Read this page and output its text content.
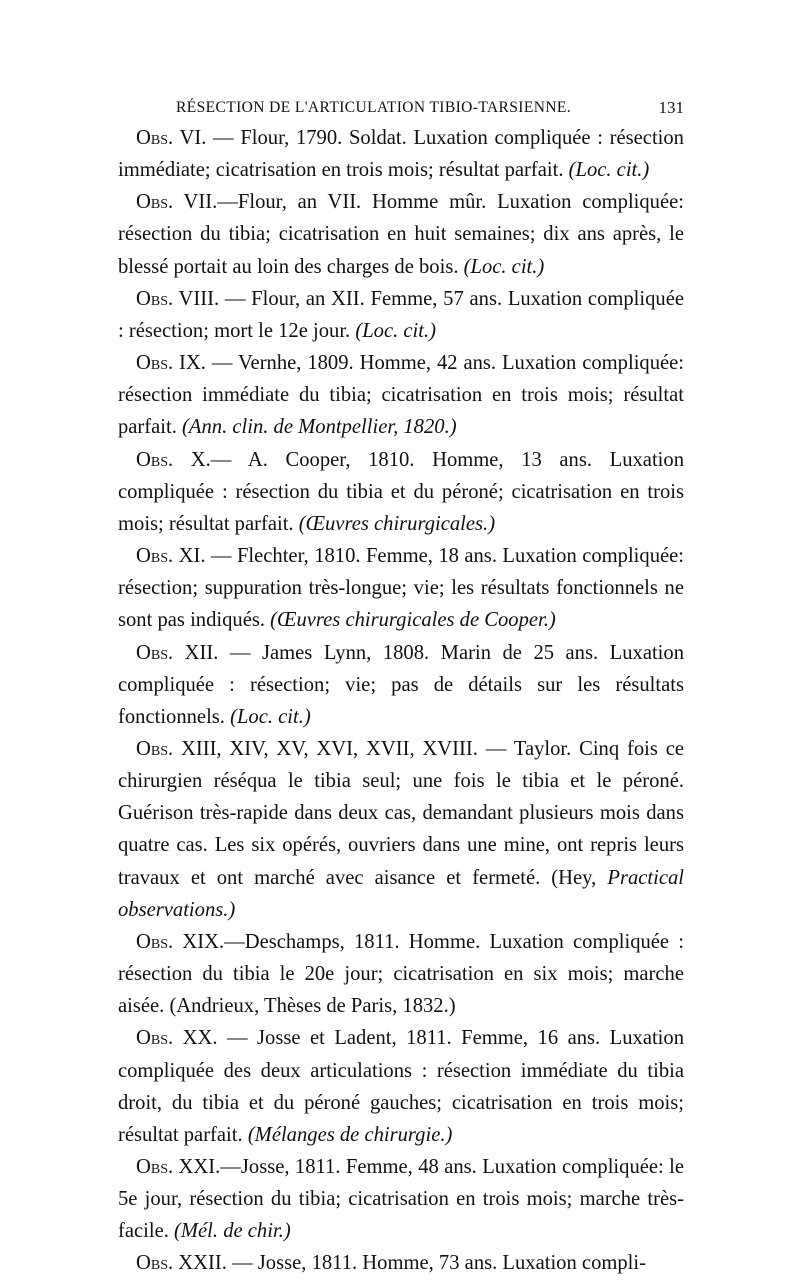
RÉSECTION DE L'ARTICULATION TIBIO-TARSIENNE.	131

Obs. VI. — Flour, 1790. Soldat. Luxation compliquée : résection immédiate; cicatrisation en trois mois; résultat parfait. (Loc. cit.)

Obs. VII.—Flour, an VII. Homme mûr. Luxation compliquée: résection du tibia; cicatrisation en huit semaines; dix ans après, le blessé portait au loin des charges de bois. (Loc. cit.)

Obs. VIII. — Flour, an XII. Femme, 57 ans. Luxation compliquée : résection; mort le 12e jour. (Loc. cit.)

Obs. IX. — Vernhe, 1809. Homme, 42 ans. Luxation compliquée: résection immédiate du tibia; cicatrisation en trois mois; résultat parfait. (Ann. clin. de Montpellier, 1820.)

Obs. X.— A. Cooper, 1810. Homme, 13 ans. Luxation compliquée : résection du tibia et du péroné; cicatrisation en trois mois; résultat parfait. (Œuvres chirurgicales.)

Obs. XI. — Flechter, 1810. Femme, 18 ans. Luxation compliquée: résection; suppuration très-longue; vie; les résultats fonctionnels ne sont pas indiqués. (Œuvres chirurgicales de Cooper.)

Obs. XII. — James Lynn, 1808. Marin de 25 ans. Luxation compliquée : résection; vie; pas de détails sur les résultats fonctionnels. (Loc. cit.)

Obs. XIII, XIV, XV, XVI, XVII, XVIII. — Taylor. Cinq fois ce chirurgien réséqua le tibia seul; une fois le tibia et le péroné. Guérison très-rapide dans deux cas, demandant plusieurs mois dans quatre cas. Les six opérés, ouvriers dans une mine, ont repris leurs travaux et ont marché avec aisance et fermeté. (Hey, Practical observations.)

Obs. XIX.—Deschamps, 1811. Homme. Luxation compliquée : résection du tibia le 20e jour; cicatrisation en six mois; marche aisée. (Andrieux, Thèses de Paris, 1832.)

Obs. XX. — Josse et Ladent, 1811. Femme, 16 ans. Luxation compliquée des deux articulations : résection immédiate du tibia droit, du tibia et du péroné gauches; cicatrisation en trois mois; résultat parfait. (Mélanges de chirurgie.)

Obs. XXI.—Josse, 1811. Femme, 48 ans. Luxation compliquée: le 5e jour, résection du tibia; cicatrisation en trois mois; marche très-facile. (Mél. de chir.)

Obs. XXII. — Josse, 1811. Homme, 73 ans. Luxation compli-
